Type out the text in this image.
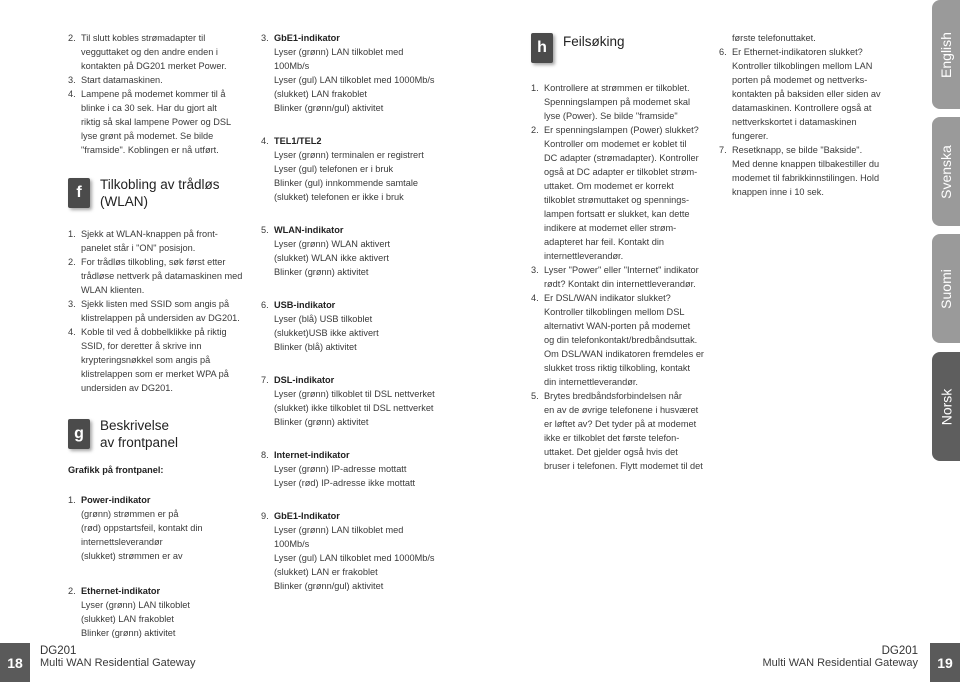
2. Til slutt kobles strømadapter til
vegguttaket og den andre enden i
kontakten på DG201 merket Power.
3. Start datamaskinen.
4. Lampene på modemet kommer til å
blinke i ca 30 sek. Har du gjort alt
riktig så skal lampene Power og DSL
lyse grønt på modemet. Se bilde
"framside". Koblingen er nå utført.
f	Tilkobling av trådløs
(WLAN)
1. Sjekk at WLAN-knappen på front-
panelet står i "ON" posisjon.
2. For trådløs tilkobling, søk først etter
trådløse nettverk på datamaskinen med
WLAN klienten.
3. Sjekk listen med SSID som angis på
klistrelappen på undersiden av DG201.
4. Koble til ved å dobbelklikke på riktig
SSID, for deretter å skrive inn
krypteringsnøkkel som angis på
klistrelappen som er merket WPA på
undersiden av DG201.
g	Beskrivelse
av frontpanel
Grafikk på frontpanel:
1. Power-indikator
(grønn) strømmen er på
(rød) oppstartsfeil, kontakt din
internettsleverandør
(slukket) strømmen er av
2. Ethernet-indikator
Lyser (grønn) LAN tilkoblet
(slukket) LAN frakoblet
Blinker (grønn) aktivitet
3. GbE1-indikator
Lyser (grønn) LAN tilkoblet med
100Mb/s
Lyser (gul) LAN tilkoblet med 1000Mb/s
(slukket) LAN frakoblet
Blinker (grønn/gul) aktivitet
4. TEL1/TEL2
Lyser (grønn) terminalen er registrert
Lyser (gul) telefonen er i bruk
Blinker (gul) innkommende samtale
(slukket) telefonen er ikke i bruk
5. WLAN-indikator
Lyser (grønn) WLAN aktivert
(slukket) WLAN ikke aktivert
Blinker (grønn) aktivitet
6. USB-indikator
Lyser (blå) USB tilkoblet
(slukket)USB ikke aktivert
Blinker (blå) aktivitet
7. DSL-indikator
Lyser (grønn) tilkoblet til DSL nettverket
(slukket) ikke tilkoblet til DSL nettverket
Blinker (grønn) aktivitet
8. Internet-indikator
Lyser (grønn) IP-adresse mottatt
Lyser (rød) IP-adresse ikke mottatt
9. GbE1-Indikator
Lyser (grønn) LAN tilkoblet med
100Mb/s
Lyser (gul) LAN tilkoblet med 1000Mb/s
(slukket) LAN er frakoblet
Blinker (grønn/gul) aktivitet
h	Feilsøking
1. Kontrollere at strømmen er tilkoblet.
Spenningslampen på modemet skal
lyse (Power). Se bilde "framside"
2. Er spenningslampen (Power) slukket?
Kontroller om modemet er koblet til
DC adapter (strømadapter). Kontroller
også at DC adapter er tilkoblet strøm-
uttaket. Om modemet er korrekt
tilkoblet strømuttaket og spennings-
lampen fortsatt er slukket, kan dette
indikere at modemet eller strøm-
adapteret har feil. Kontakt din
internettleverandør.
3. Lyser "Power" eller "Internet" indikator
rødt? Kontakt din internettleverandør.
4. Er DSL/WAN indikator slukket?
Kontroller tilkoblingen mellom DSL
alternativt WAN-porten på modemet
og din telefonkontakt/bredbåndsuttak.
Om DSL/WAN indikatoren fremdeles er
slukket tross riktig tilkobling, kontakt
din internettleverandør.
5. Brytes bredbåndsforbindelsen når
en av de øvrige telefonene i husværet
er løftet av? Det tyder på at modemet
ikke er tilkoblet det første telefon-
uttaket. Det gjelder også hvis det
bruser i telefonen. Flytt modemet til det
første telefonuttaket.
6. Er Ethernet-indikatoren slukket?
Kontroller tilkoblingen mellom LAN
porten på modemet og nettverks-
kontakten på baksiden eller siden av
datamaskinen. Kontrollere også at
nettverkskortet i datamaskinen
fungerer.
7. Resetknapp, se bilde "Bakside".
Med denne knappen tilbakestiller du
modemet til fabrikkinnstilingen. Hold
knappen inne i 10 sek.
English
Svenska
Suomi
Norsk
18
DG201
Multi WAN Residential Gateway
DG201
Multi WAN Residential Gateway	19
